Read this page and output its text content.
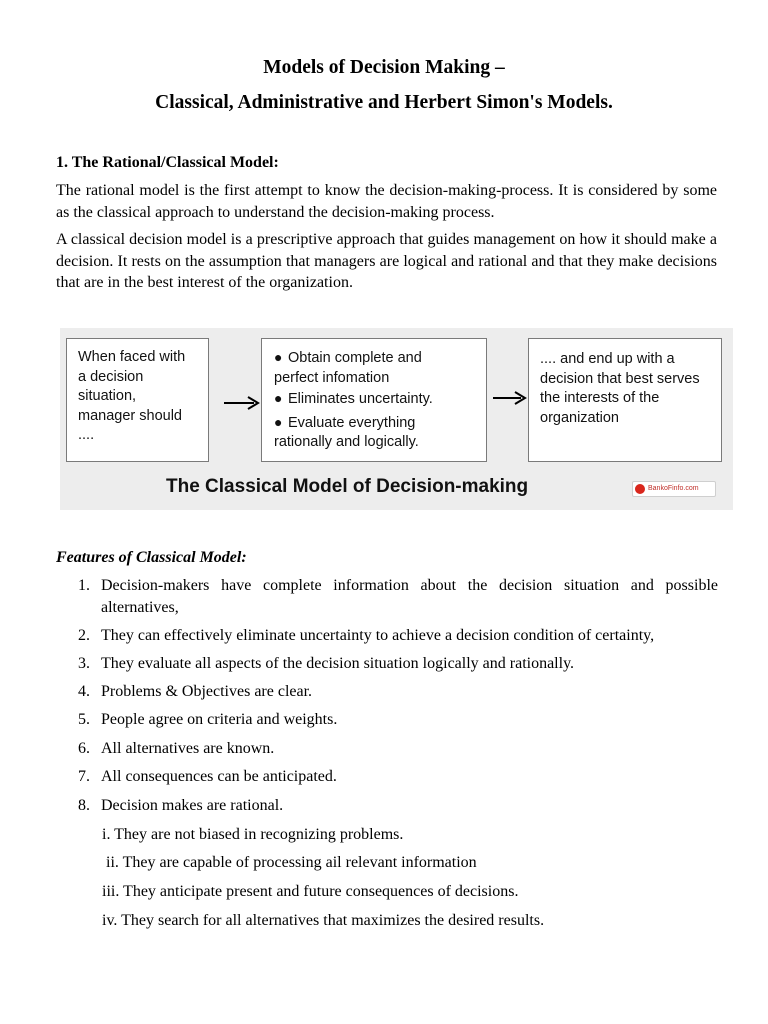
Models of Decision Making –
Classical, Administrative and Herbert Simon's Models.
1. The Rational/Classical Model:

The rational model is the first attempt to know the decision-making-process. It is considered by some as the classical approach to understand the decision-making process.

A classical decision model is a prescriptive approach that guides management on how it should make a decision. It rests on the assumption that managers are logical and rational and that they make decisions that are in the best interest of the organization.

When faced with
a decision
situation,
manager should
....
● Obtain complete and
perfect infomation
● Eliminates uncertainty.
● Evaluate everything
rationally and logically.
.... and end up with a
decision that best serves
the interests of the
organization
The Classical Model of Decision-making	BankoFinfo.com
Features of Classical Model:
1. Decision-makers have complete information about the decision situation and possible alternatives,
2. They can effectively eliminate uncertainty to achieve a decision condition of certainty,
3. They evaluate all aspects of the decision situation logically and rationally.
4. Problems & Objectives are clear.
5. People agree on criteria and weights.
6. All alternatives are known.
7. All consequences can be anticipated.
8. Decision makes are rational.
i. They are not biased in recognizing problems.
ii. They are capable of processing ail relevant information
iii. They anticipate present and future consequences of decisions.
iv. They search for all alternatives that maximizes the desired results.
